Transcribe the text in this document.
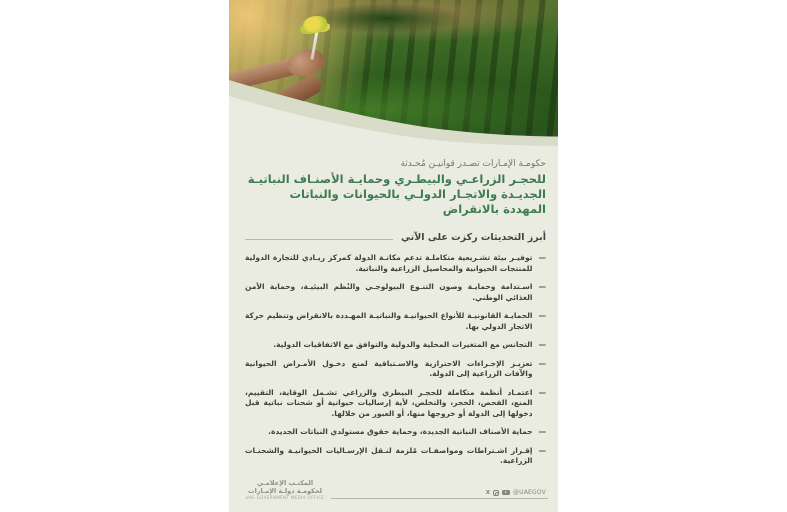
حكومـة الإمـارات تصـدر قوانيـن مُحـدثة
للحجـر الزراعـي والبيطـري وحمايـة الأصنـاف النباتيـة الجديـدة والاتجـار الدولـي بالحيوانات والنباتات المهددة بالانقراض
أبرز التحديثات ركزت على الآتي
—
توفيـر بيئة تشـريعية متكاملـة تدعم مكانـة الدولة كمركز ريـادي للتجارة الدولية للمنتجات الحيوانية والمحاصيل الزراعية والنباتية.
—
اسـتدامة وحمايـة وصون التنـوع البيولوجـي والنُظم البيئيـة، وحماية الأمن الغذائي الوطني.
—
الحمايـة القانونيـة للأنواع الحيوانيـة والنباتيـة المهـددة بالانقراض وتنظيم حركة الاتجار الدولي بها.
—
التجانس مع المتغيرات المحلية والدولية والتوافق مع الاتفاقيات الدولية.
—
تعزيـز الإجـراءات الاحترازية والاسـتباقية لمنع دخـول الأمـراض الحيوانية والآفات الزراعية إلى الدولة.
—
اعتمـاد أنظمة متكاملة للحجـر البيطري والزراعي تشـمل الوقاية، التقييم، المنع، الفحص، الحجر، والتخلص، لأية إرساليات حيوانية أو شحنات نباتية قبل دخولها إلى الدولة أو خروجها منها، أو العبور من خلالها.
—
حماية الأصناف النباتية الجديدة، وحماية حقوق مستولدي النباتات الجديدة.
—
إقـرار اشـتراطات ومواصفـات مُلزمة لنـقل الإرسـاليات الحيوانيـة والشحنـات الزراعية.
المكتـب الإعلامـي
لحكومـة دولـة الإمـارات
UAE GOVERNMENT MEDIA OFFICE
X	@UAEGOV
